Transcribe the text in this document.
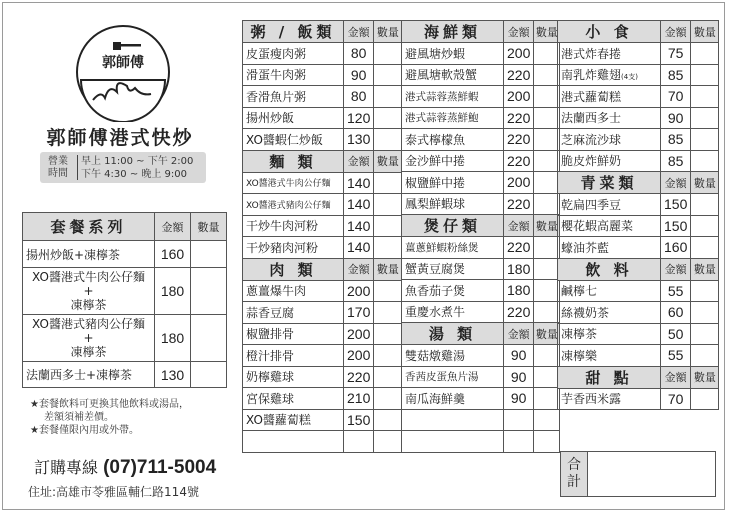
郭師傅
郭師傅港式快炒
營業
時間
早上 11:00 ~ 下午 2:00
下午 4:30 ~ 晚上 9:00
套餐系列	金額	數量
揚州炒飯+凍檸茶	160	

XO醬港式牛肉公仔麵
+
凍檸茶	180	

XO醬港式豬肉公仔麵
+
凍檸茶	180	
法蘭西多士+凍檸茶	130	
★套餐飲料可更換其他飲料或湯品，
差額須補差價。
★套餐僅限內用或外帶。
訂購專線 (07)711-5004
住址:高雄市苓雅區輔仁路114號
粥 / 飯類	金額	數量
皮蛋瘦肉粥	80	
滑蛋牛肉粥	90	
香滑魚片粥	80	
揚州炒飯	120	
XO醬蝦仁炒飯	130	
麵 類	金額	數量
XO醬港式牛肉公仔麵	140	
XO醬港式豬肉公仔麵	140	
干炒牛肉河粉	140	
干炒豬肉河粉	140	
肉 類	金額	數量
蔥薑爆牛肉	200	
蒜香豆腐	170	
椒鹽排骨	200	
橙汁排骨	200	
奶檸雞球	220	
宮保雞球	210	
XO醬蘿蔔糕	150	

海鮮類	金額	數量
避風塘炒蝦	200	
避風塘軟殼蟹	220	
港式蒜蓉蒸鮮蝦	200	
港式蒜蓉蒸鮮鮑	220	
泰式檸檬魚	220	
金沙鮮中捲	220	
椒鹽鮮中捲	200	
鳳梨鮮蝦球	220	
煲仔類	金額	數量
薑蔥鮮蝦粉絲煲	220	
蟹黃豆腐煲	180	
魚香茄子煲	180	
重慶水煮牛	220	
湯 類	金額	數量
雙菇燉雞湯	90	
香茜皮蛋魚片湯	90	
南瓜海鮮羹	90	

小 食	金額	數量
港式炸春捲	75	
南乳炸雞翅(4支)	85	
港式蘿蔔糕	70	
法蘭西多士	90	
芝麻流沙球	85	
脆皮炸鮮奶	85	
青菜類	金額	數量
乾扁四季豆	150	
櫻花蝦高麗菜	150	
蠔油芥藍	160	
飲 料	金額	數量
鹹檸七	55	
絲襪奶茶	60	
凍檸茶	50	
凍檸樂	55	
甜 點	金額	數量
芋香西米露	70	
合
計
